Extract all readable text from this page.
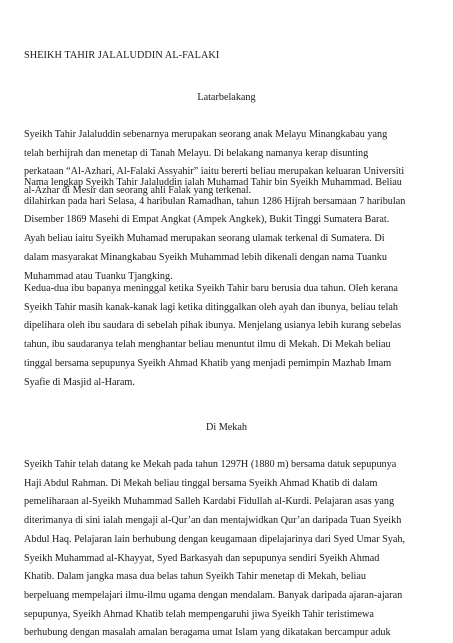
SHEIKH TAHIR JALALUDDIN AL-FALAKI
Latarbelakang
Syeikh Tahir Jalaluddin sebenarnya merupakan seorang anak Melayu Minangkabau yang
telah berhijrah dan menetap di Tanah Melayu. Di belakang namanya kerap disunting
perkataan “Al-Azhari, Al-Falaki Assyahir” iaitu bererti beliau merupakan keluaran Universiti
al-Azhar di Mesir dan seorang ahli Falak yang terkenal.
Nama lengkap Syeikh Tahir Jalaluddin ialah Muhamad Tahir bin Syeikh Muhammad. Beliau
dilahirkan pada hari Selasa, 4 haribulan Ramadhan, tahun 1286 Hijrah bersamaan 7 haribulan
Disember 1869 Masehi di Empat Angkat (Ampek Angkek), Bukit Tinggi Sumatera Barat.
Ayah beliau iaitu Syeikh Muhamad merupakan seorang ulamak terkenal di Sumatera. Di
dalam masyarakat Minangkabau Syeikh Muhammad lebih dikenali dengan nama Tuanku
Muhammad atau Tuanku Tjangking.
Kedua-dua ibu bapanya meninggal ketika Syeikh Tahir baru berusia dua tahun. Oleh kerana
Syeikh Tahir masih kanak-kanak lagi ketika ditinggalkan oleh ayah dan ibunya, beliau telah
dipelihara oleh ibu saudara di sebelah pihak ibunya. Menjelang usianya lebih kurang sebelas
tahun, ibu saudaranya telah menghantar beliau menuntut ilmu di Mekah. Di Mekah beliau
tinggal bersama sepupunya Syeikh Ahmad Khatib yang menjadi pemimpin Mazhab Imam
Syafie di Masjid al-Haram.
Di Mekah
Syeikh Tahir telah datang ke Mekah pada tahun 1297H (1880 m) bersama datuk sepupunya
Haji Abdul Rahman. Di Mekah beliau tinggal bersama Syeikh Ahmad Khatib di dalam
pemeliharaan al-Syeikh Muhammad Salleh Kardabi Fidullah al-Kurdi. Pelajaran asas yang
diterimanya di sini ialah mengaji al-Qur’an dan mentajwidkan Qur’an daripada Tuan Syeikh
Abdul Haq. Pelajaran lain berhubung dengan keugamaan dipelajarinya dari Syed Umar Syah,
Syeikh Muhammad al-Khayyat, Syed Barkasyah dan sepupunya sendiri Syeikh Ahmad
Khatib. Dalam jangka masa dua belas tahun Syeikh Tahir menetap di Mekah, beliau
berpeluang mempelajari ilmu-ilmu ugama dengan mendalam. Banyak daripada ajaran-ajaran
sepupunya, Syeikh Ahmad Khatib telah mempengaruhi jiwa Syeikh Tahir teristimewa
berhubung dengan masalah amalan beragama umat Islam yang dikatakan bercampur aduk
